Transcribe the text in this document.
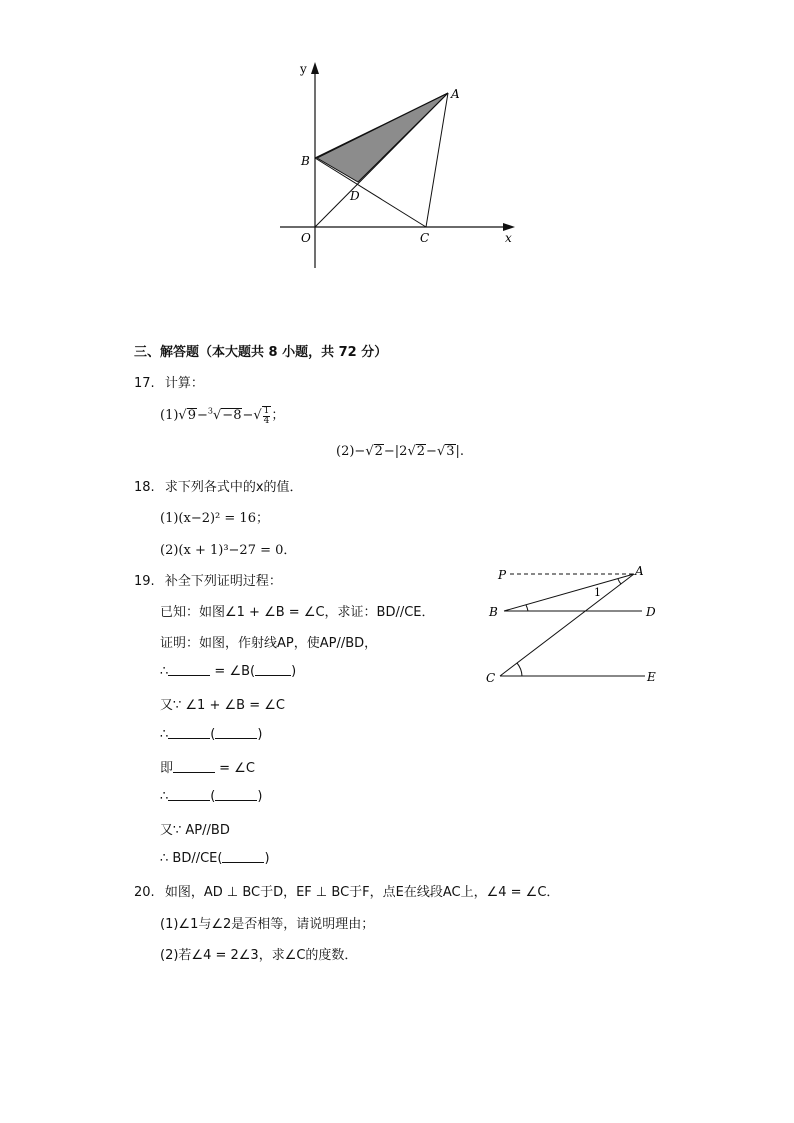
y
x
A
B
D
O	C
三、解答题（本大题共 8 小题，共 72 分）
17. 计算：
$(1)√9-^3√-8-√ \frac{1}{4}$ ；
(2)−√2−|2√2−√3|.
18. 求下列各式中的x的值．
(1)(x−2)² = 16；
(2)(x + 1)³−27 = 0．
19. 补全下列证明过程：
已知：如图∠1 + ∠B = ∠C，求证：BD//CE．
证明：如图，作射线AP，使AP//BD，
∴	= ∠B(	)
又∵ ∠1 + ∠B = ∠C
∴	(	)
即	= ∠C
∴	(	)
又∵ AP//BD
∴ BD//CE(	)
P	A
B	D
C	E
1
20. 如图，AD ⊥ BC于D，EF ⊥ BC于F，点E在线段AC上，∠4 = ∠C．
(1)∠1与∠2是否相等，请说明理由；
(2)若∠4 = 2∠3，求∠C的度数．
